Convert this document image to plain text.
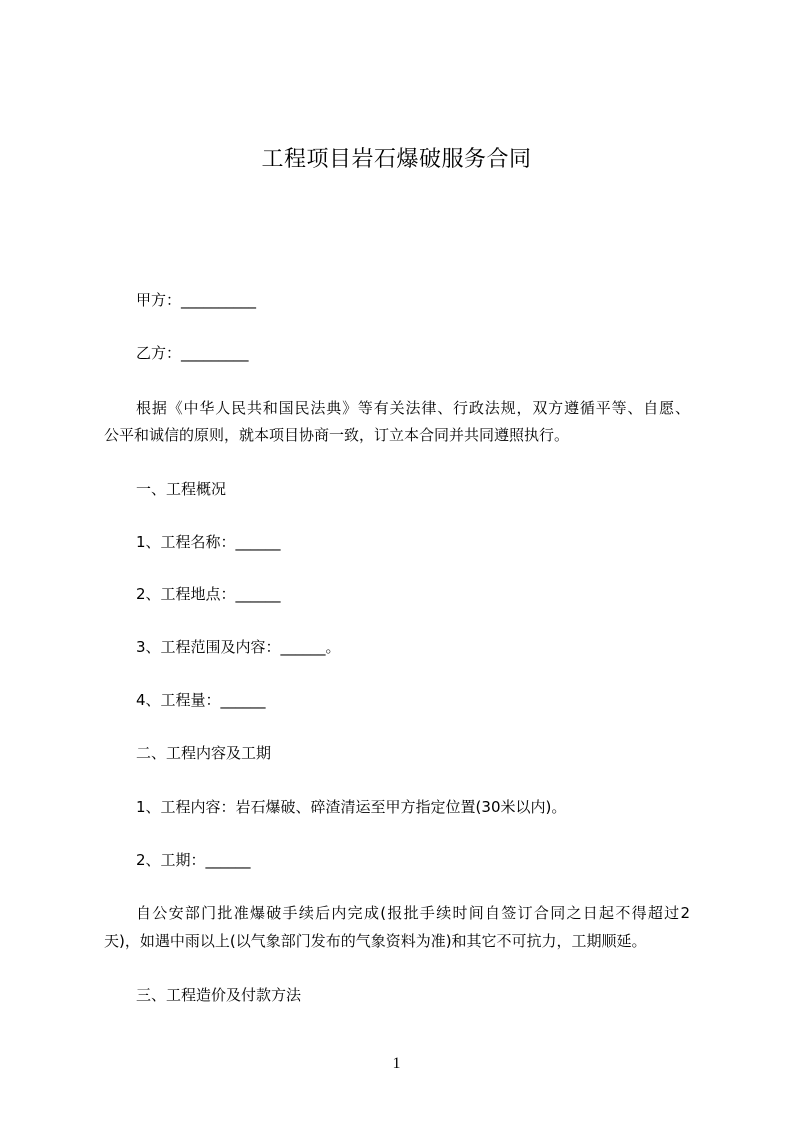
工程项目岩石爆破服务合同
甲方：__________
乙方：_________
根据《中华人民共和国民法典》等有关法律、行政法规，双方遵循平等、自愿、
公平和诚信的原则，就本项目协商一致，订立本合同并共同遵照执行。
一、工程概况
1、工程名称：______
2、工程地点：______
3、工程范围及内容：______。
4、工程量：______
二、工程内容及工期
1、工程内容：岩石爆破、碎渣清运至甲方指定位置(30米以内)。
2、工期：______
自公安部门批准爆破手续后内完成(报批手续时间自签订合同之日起不得超过2
天)，如遇中雨以上(以气象部门发布的气象资料为准)和其它不可抗力，工期顺延。
三、工程造价及付款方法
1
